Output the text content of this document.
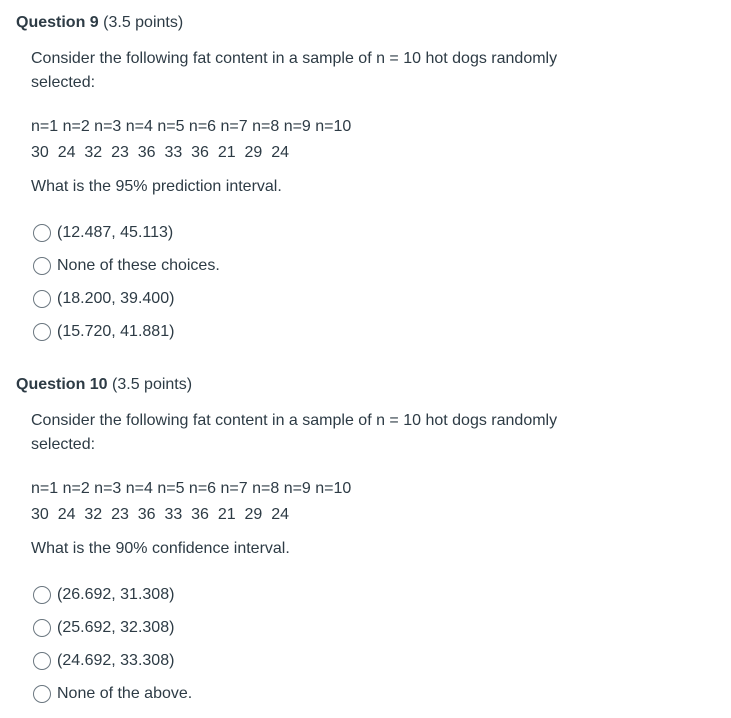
Question 9 (3.5 points)
Consider the following fat content in a sample of n = 10 hot dogs randomly selected:
n=1 n=2 n=3 n=4 n=5 n=6 n=7 n=8 n=9 n=10
30  24  32  23  36  33  36  21  29  24
What is the 95% prediction interval.
(12.487, 45.113)
None of these choices.
(18.200, 39.400)
(15.720, 41.881)
Question 10 (3.5 points)
Consider the following fat content in a sample of n = 10 hot dogs randomly selected:
n=1 n=2 n=3 n=4 n=5 n=6 n=7 n=8 n=9 n=10
30  24  32  23  36  33  36  21  29  24
What is the 90% confidence interval.
(26.692, 31.308)
(25.692, 32.308)
(24.692, 33.308)
None of the above.
